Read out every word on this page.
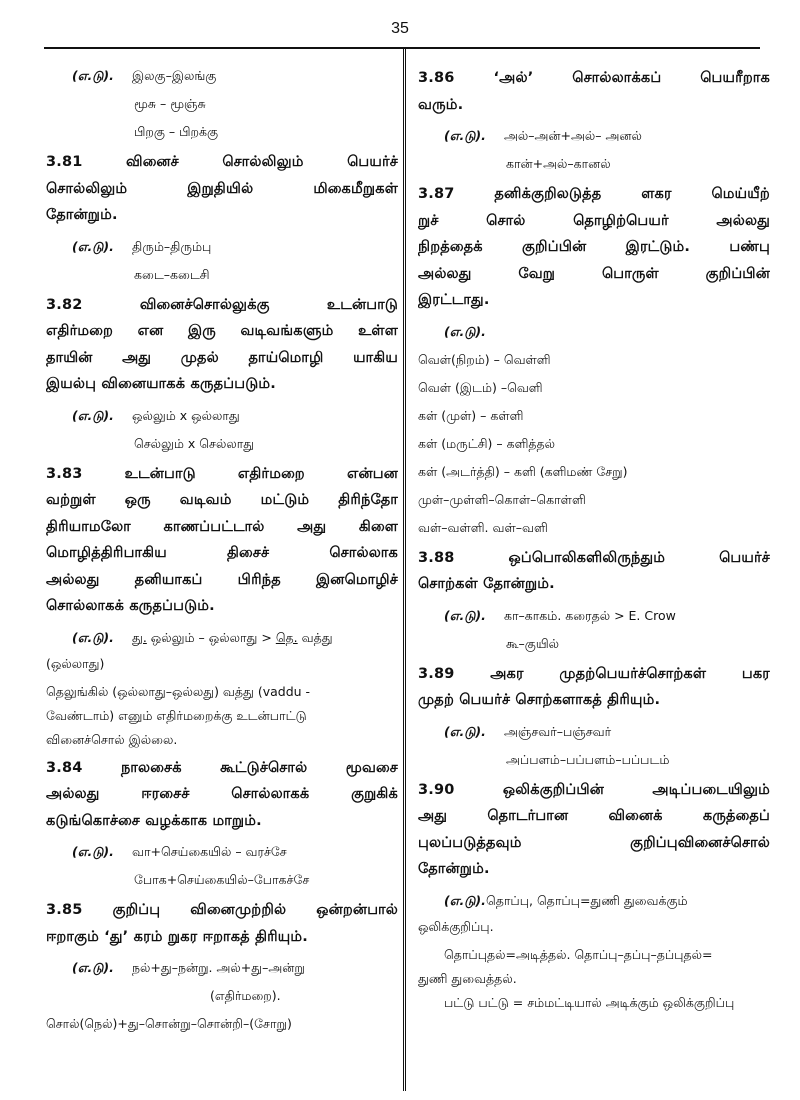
35
(எ.டு). இலகு–இலங்கு
மூசு – மூஞ்சு
பிறகு – பிறக்கு
3.81 வினைச் சொல்லிலும் பெயர்ச்
சொல்லிலும் இறுதியில் மிகைமீறுகள்
தோன்றும்.
(எ.டு). திரும்–திரும்பு
கடை–கடைசி
3.82 வினைச்சொல்லுக்கு உடன்பாடு
எதிர்மறை என இரு வடிவங்களும் உள்ள
தாயின் அது முதல் தாய்மொழி யாகிய
இயல்பு வினையாகக் கருதப்படும்.
(எ.டு). ஒல்லும் x ஒல்லாது
செல்லும் x செல்லாது
3.83 உடன்பாடு எதிர்மறை என்பன
வற்றுள் ஒரு வடிவம் மட்டும் திரிந்தோ
திரியாமலோ காணப்பட்டால் அது கிளை
மொழித்திரிபாகிய திசைச் சொல்லாக
அல்லது தனியாகப் பிரிந்த இனமொழிச்
சொல்லாகக் கருதப்படும்.
(எ.டு). து. ஒல்லும் – ஒல்லாது > தெ. வத்து
(ஒல்லாது)
தெலுங்கில் (ஒல்லாது–ஒல்லது) வத்து (vaddu -
வேண்டாம்) எனும் எதிர்மறைக்கு உடன்பாட்டு
வினைச்சொல் இல்லை.
3.84 நாலசைக் கூட்டுச்சொல் மூவசை
அல்லது ஈரசைச் சொல்லாகக் குறுகிக்
கடுங்கொச்சை வழக்காக மாறும்.
(எ.டு). வா+செய்கையில் – வரச்சே
போக+செய்கையில்–போகச்சே
3.85 குறிப்பு வினைமுற்றில் ஒன்றன்பால்
ஈறாகும் ‘து’ கரம் றுகர ஈறாகத் திரியும்.
(எ.டு). நல்+து–நன்று. அல்+து–அன்று
(எதிர்மறை).
சொல்(நெல்)+து–சொன்று–சொன்றி–(சோறு)
3.86 ‘அல்’ சொல்லாக்கப் பெயரீறாக
வரும்.
(எ.டு). அல்–அன்+அல்– அனல்
கான்+அல்–கானல்
3.87 தனிக்குறிலடுத்த ளகர மெய்யீற்
றுச் சொல் தொழிற்பெயர் அல்லது
நிறத்தைக் குறிப்பின் இரட்டும். பண்பு
அல்லது வேறு பொருள் குறிப்பின்
இரட்டாது.
(எ.டு).
வெள்(நிறம்) – வெள்ளி
வெள் (இடம்) –வெளி
கள் (முள்) – கள்ளி
கள் (மருட்சி) – களித்தல்
கள் (அடர்த்தி) – களி (களிமண் சேறு)
முள்–முள்ளி–கொள்–கொள்ளி
வள்–வள்ளி. வள்–வளி
3.88 ஒப்பொலிகளிலிருந்தும் பெயர்ச்
சொற்கள் தோன்றும்.
(எ.டு). கா–காகம். கரைதல் > E. Crow
கூ–குயில்
3.89 அகர முதற்பெயர்ச்சொற்கள் பகர
முதற் பெயர்ச் சொற்களாகத் திரியும்.
(எ.டு). அஞ்சவர்–பஞ்சவர்
அப்பளம்–பப்பளம்–பப்படம்
3.90 ஒலிக்குறிப்பின் அடிப்படையிலும்
அது தொடர்பான வினைக் கருத்தைப்
புலப்படுத்தவும் குறிப்புவினைச்சொல்
தோன்றும்.
(எ.டு).தொப்பு, தொப்பு=துணி துவைக்கும்
ஒலிக்குறிப்பு.
தொப்புதல்=அடித்தல். தொப்பு–தப்பு–தப்புதல்=
துணி துவைத்தல்.
பட்டு பட்டு = சம்மட்டியால் அடிக்கும் ஒலிக்குறிப்பு
